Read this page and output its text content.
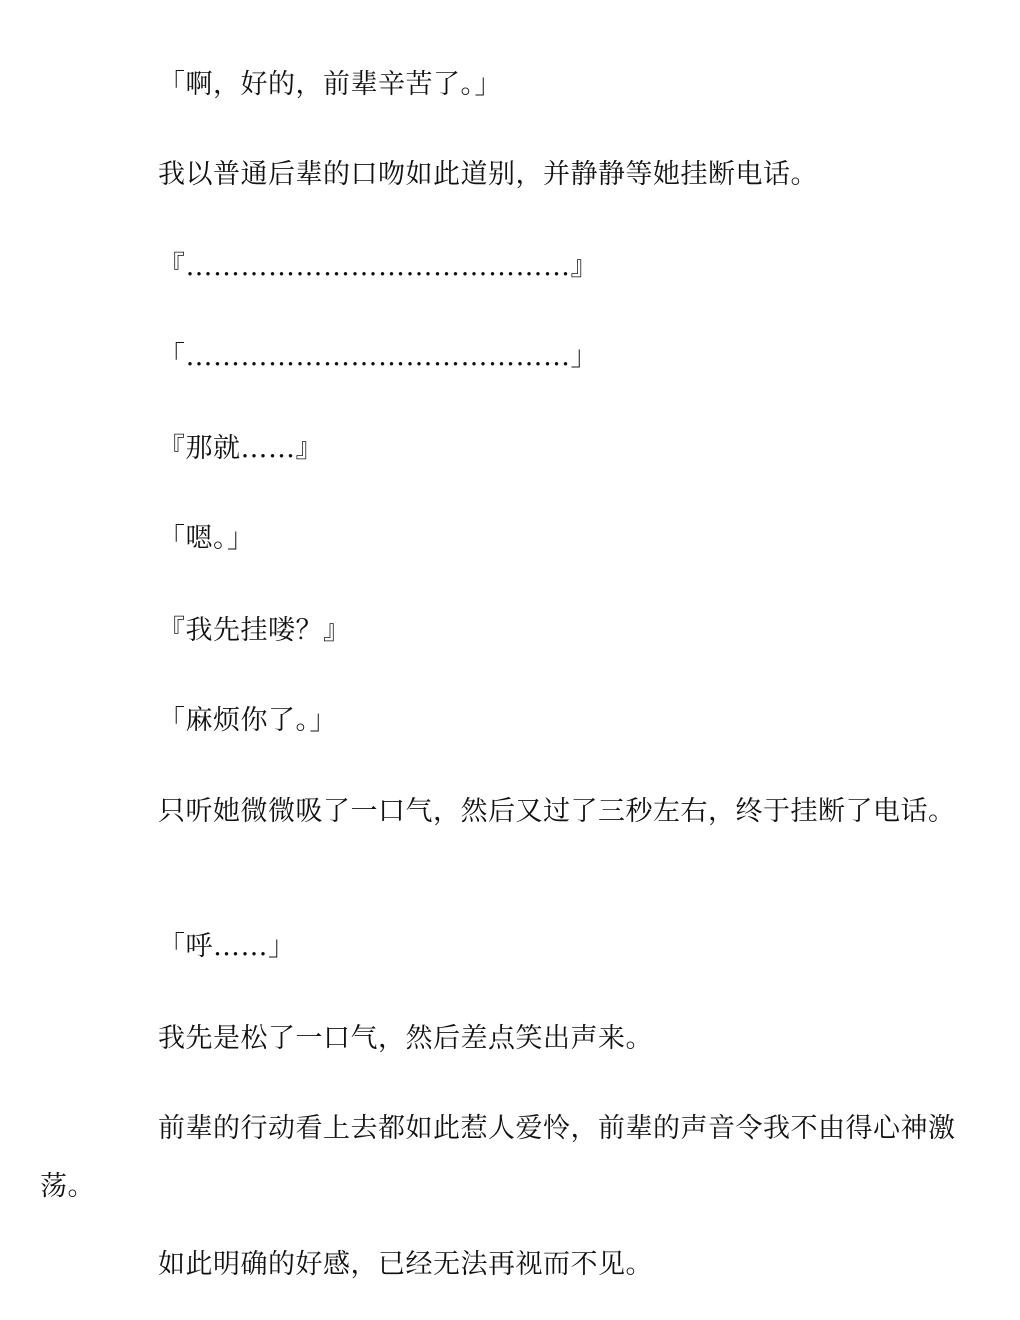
「啊，好的，前辈辛苦了。」

我以普通后辈的口吻如此道别，并静静等她挂断电话。

『……………………………………』

「……………………………………」

『那就……』

「嗯。」

『我先挂喽？』

「麻烦你了。」

只听她微微吸了一口气，然后又过了三秒左右，终于挂断了电话。

「呼……」

我先是松了一口气，然后差点笑出声来。

前辈的行动看上去都如此惹人爱怜，前辈的声音令我不由得心神激荡。

如此明确的好感，已经无法再视而不见。
